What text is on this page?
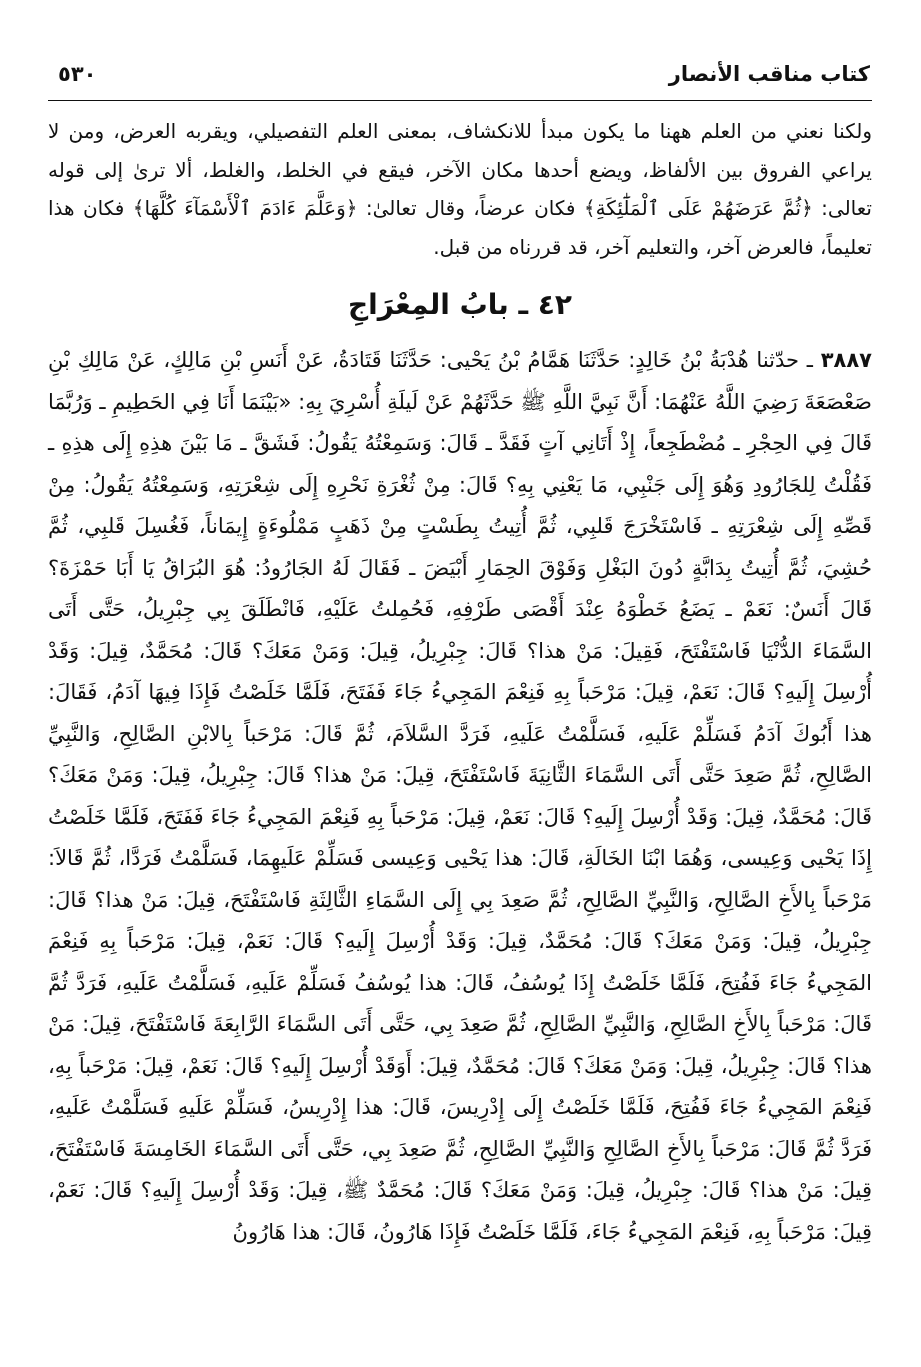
كتاب مناقب الأنصار
٥٣٠

ولكنا نعني من العلم ههنا ما يكون مبدأ للانكشاف، بمعنى العلم التفصيلي، ويقربه العرض، ومن لا يراعي الفروق بين الألفاظ، ويضع أحدها مكان الآخر، فيقع في الخلط، والغلط، ألا ترىٰ إلى قوله تعالى: ﴿ثُمَّ عَرَضَهُمْ عَلَى ٱلْمَلَٰٓئِكَةِ﴾ فكان عرضاً، وقال تعالىٰ: ﴿وَعَلَّمَ ءَادَمَ ٱلْأَسْمَآءَ كُلَّهَا﴾ فكان هذا تعليماً، فالعرض آخر، والتعليم آخر، قد قررناه من قبل.

٤٢ ـ بابُ المِعْرَاجِ

٣٨٨٧ ـ حدّثنا هُدْبَةُ بْنُ خَالِدٍ: حَدَّثَنَا هَمَّامُ بْنُ يَحْيى: حَدَّثَنَا قَتَادَةُ، عَنْ أَنَسِ بْنِ مَالِكٍ، عَنْ مَالِكِ بْنِ صَعْصَعَةَ رَضِيَ اللَّهُ عَنْهُمَا: أَنَّ نَبِيَّ اللَّهِ ﷺ حَدَّثَهُمْ عَنْ لَيلَةِ أُسْرِيَ بِهِ: «بَيْنَمَا أَنَا فِي الحَطِيمِ ـ وَرُبَّمَا قَالَ فِي الحِجْرِ ـ مُضْطَجِعاً، إِذْ أَتَانِي آتٍ فَقَدَّ ـ قَالَ: وَسَمِعْتُهُ يَقُولُ: فَشَقَّ ـ مَا بَيْنَ هذِهِ إِلَى هذِهِ ـ فَقُلْتُ لِلجَارُودِ وَهُوَ إِلَى جَنْبِي، مَا يَعْنِي بِهِ؟ قَالَ: مِنْ ثُغْرَةِ نَحْرِهِ إِلَى شِعْرَتِهِ، وَسَمِعْتُهُ يَقُولُ: مِنْ قَصِّهِ إِلَى شِعْرَتِهِ ـ فَاسْتَخْرَجَ قَلبِي، ثُمَّ أُتِيتُ بِطَسْتٍ مِنْ ذَهَبٍ مَمْلُوءَةٍ إِيمَاناً، فَغُسِلَ قَلبِي، ثُمَّ حُشِيَ، ثُمَّ أُتِيتُ بِدَابَّةٍ دُونَ البَغْلِ وَفَوْقَ الحِمَارِ أَبْيَضَ ـ فَقَالَ لَهُ الجَارُودُ: هُوَ البُرَاقُ يَا أَبَا حَمْزَةَ؟ قَالَ أَنَسٌ: نَعَمْ ـ يَضَعُ خَطْوَهُ عِنْدَ أَقْصَى طَرْفِهِ، فَحُمِلتُ عَلَيْهِ، فَانْطَلَقَ بِي جِبْرِيلُ، حَتَّى أَتَى السَّمَاءَ الدُّنْيَا فَاسْتَفْتَحَ، فَقِيلَ: مَنْ هذا؟ قَالَ: جِبْرِيلُ، قِيلَ: وَمَنْ مَعَكَ؟ قَالَ: مُحَمَّدٌ، قِيلَ: وَقَدْ أُرْسِلَ إِلَيهِ؟ قَالَ: نَعَمْ، قِيلَ: مَرْحَباً بِهِ فَنِعْمَ المَجِيءُ جَاءَ فَفَتَحَ، فَلَمَّا خَلَصْتُ فَإِذَا فِيهَا آدَمُ، فَقَالَ: هذا أَبُوكَ آدَمُ فَسَلِّمْ عَلَيهِ، فَسَلَّمْتُ عَلَيهِ، فَرَدَّ السَّلاَمَ، ثُمَّ قَالَ: مَرْحَباً بِالابْنِ الصَّالِحِ، وَالنَّبِيِّ الصَّالِحِ، ثُمَّ صَعِدَ حَتَّى أَتَى السَّمَاءَ الثَّانِيَةَ فَاسْتَفْتَحَ، قِيلَ: مَنْ هذا؟ قَالَ: جِبْرِيلُ، قِيلَ: وَمَنْ مَعَكَ؟ قَالَ: مُحَمَّدٌ، قِيلَ: وَقَدْ أُرْسِلَ إِلَيهِ؟ قَالَ: نَعَمْ، قِيلَ: مَرْحَباً بِهِ فَنِعْمَ المَجِيءُ جَاءَ فَفَتَحَ، فَلَمَّا خَلَصْتُ إِذَا يَحْيى وَعِيسى، وَهُمَا ابْنَا الخَالَةِ، قَالَ: هذا يَحْيى وَعِيسى فَسَلِّمْ عَلَيهِمَا، فَسَلَّمْتُ فَرَدَّا، ثُمَّ قَالاَ: مَرْحَباً بِالأَخِ الصَّالِحِ، وَالنَّبِيِّ الصَّالِحِ، ثُمَّ صَعِدَ بِي إِلَى السَّمَاءِ الثَّالِثَةِ فَاسْتَفْتَحَ، قِيلَ: مَنْ هذا؟ قَالَ: جِبْرِيلُ، قِيلَ: وَمَنْ مَعَكَ؟ قَالَ: مُحَمَّدٌ، قِيلَ: وَقَدْ أُرْسِلَ إِلَيهِ؟ قَالَ: نَعَمْ، قِيلَ: مَرْحَباً بِهِ فَنِعْمَ المَجِيءُ جَاءَ فَفُتِحَ، فَلَمَّا خَلَصْتُ إِذَا يُوسُفُ، قَالَ: هذا يُوسُفُ فَسَلِّمْ عَلَيهِ، فَسَلَّمْتُ عَلَيهِ، فَرَدَّ ثُمَّ قَالَ: مَرْحَباً بِالأَخِ الصَّالِحِ، وَالنَّبِيِّ الصَّالِحِ، ثُمَّ صَعِدَ بِي، حَتَّى أَتَى السَّمَاءَ الرَّابِعَةَ فَاسْتَفْتَحَ، قِيلَ: مَنْ هذا؟ قَالَ: جِبْرِيلُ، قِيلَ: وَمَنْ مَعَكَ؟ قَالَ: مُحَمَّدٌ، قِيلَ: أَوَقَدْ أُرْسِلَ إِلَيهِ؟ قَالَ: نَعَمْ، قِيلَ: مَرْحَباً بِهِ، فَنِعْمَ المَجِيءُ جَاءَ فَفُتِحَ، فَلَمَّا خَلَصْتُ إِلَى إِدْرِيسَ، قَالَ: هذا إِدْرِيسُ، فَسَلِّمْ عَلَيهِ فَسَلَّمْتُ عَلَيهِ، فَرَدَّ ثُمَّ قَالَ: مَرْحَباً بِالأَخِ الصَّالِحِ وَالنَّبِيِّ الصَّالِحِ، ثُمَّ صَعِدَ بِي، حَتَّى أَتَى السَّمَاءَ الخَامِسَةَ فَاسْتَفْتَحَ، قِيلَ: مَنْ هذا؟ قَالَ: جِبْرِيلُ، قِيلَ: وَمَنْ مَعَكَ؟ قَالَ: مُحَمَّدٌ ﷺ، قِيلَ: وَقَدْ أُرْسِلَ إِلَيهِ؟ قَالَ: نَعَمْ، قِيلَ: مَرْحَباً بِهِ، فَنِعْمَ المَجِيءُ جَاءَ، فَلَمَّا خَلَصْتُ فَإِذَا هَارُونُ، قَالَ: هذا هَارُونُ
